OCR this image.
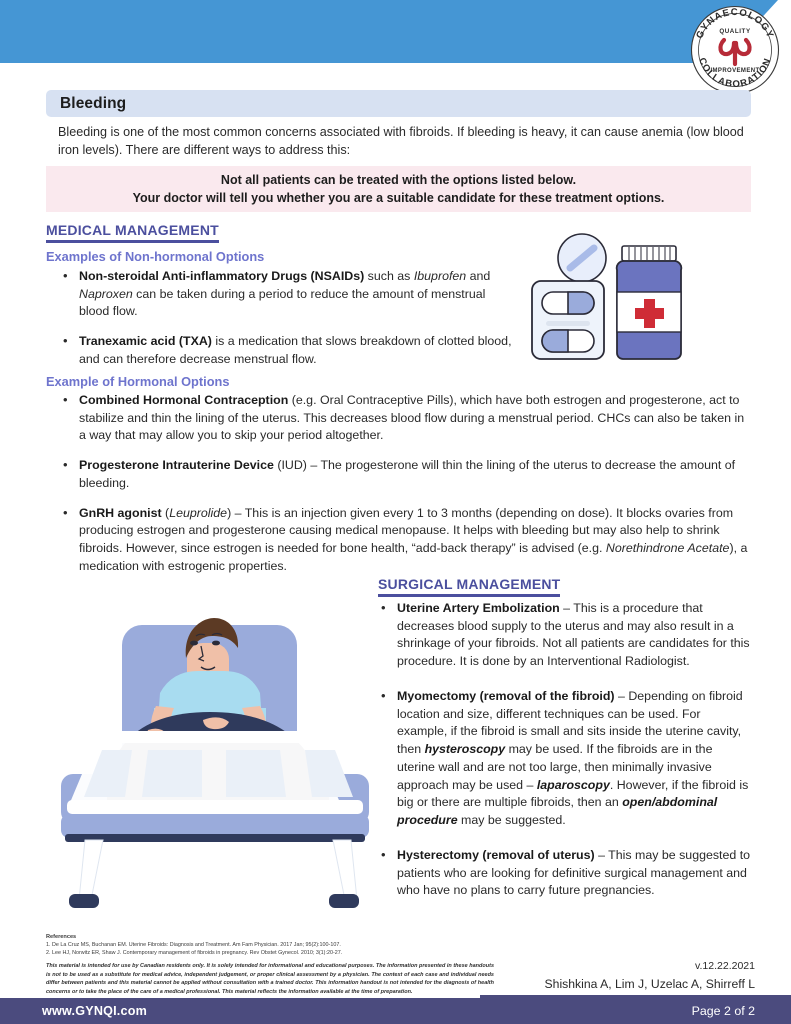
GYNAECOLOGY
COLLABORATION
QUALITY
IMPROVEMENT
Bleeding
Bleeding is one of the most common concerns associated with fibroids. If bleeding is heavy, it can cause anemia (low blood iron levels). There are different ways to address this:
Not all patients can be treated with the options listed below.
Your doctor will tell you whether you are a suitable candidate for these treatment options.
MEDICAL MANAGEMENT
Examples of Non-hormonal Options
• Non-steroidal Anti-inflammatory Drugs (NSAIDs) such as Ibuprofen and Naproxen can be taken during a period to reduce the amount of menstrual blood flow.
• Tranexamic acid (TXA) is a medication that slows breakdown of clotted blood, and can therefore decrease menstrual flow.
Example of Hormonal Options
• Combined Hormonal Contraception (e.g. Oral Contraceptive Pills), which have both estrogen and progesterone, act to stabilize and thin the lining of the uterus. This decreases blood flow during a menstrual period. CHCs can also be taken in a way that may allow you to skip your period altogether.
• Progesterone Intrauterine Device (IUD) – The progesterone will thin the lining of the uterus to decrease the amount of bleeding.
• GnRH agonist (Leuprolide) – This is an injection given every 1 to 3 months (depending on dose). It blocks ovaries from producing estrogen and progesterone causing medical menopause. It helps with bleeding but may also help to shrink fibroids. However, since estrogen is needed for bone health, “add-back therapy” is advised (e.g. Norethindrone Acetate), a medication with estrogenic properties.
SURGICAL MANAGEMENT
• Uterine Artery Embolization – This is a procedure that decreases blood supply to the uterus and may also result in a shrinkage of your fibroids. Not all patients are candidates for this procedure. It is done by an Interventional Radiologist.
• Myomectomy (removal of the fibroid) – Depending on fibroid location and size, different techniques can be used. For example, if the fibroid is small and sits inside the uterine cavity, then hysteroscopy may be used. If the fibroids are in the uterine wall and are not too large, then minimally invasive approach may be used – laparoscopy. However, if the fibroid is big or there are multiple fibroids, then an open/abdominal procedure may be suggested.
• Hysterectomy (removal of uterus) – This may be suggested to patients who are looking for definitive surgical management and who have no plans to carry future pregnancies.
References
1. De La Cruz MS, Buchanan EM. Uterine Fibroids: Diagnosis and Treatment. Am Fam Physician. 2017 Jan; 95(2):100-107.
2. Lee HJ, Norwitz ER, Shaw J. Contemporary management of fibroids in pregnancy. Rev Obstet Gynecol. 2010; 3(1):20-27.
This material is intended for use by Canadian residents only. It is solely intended for informational and educational purposes. The information presented in these handouts is not to be used as a substitute for medical advice, independent judgement, or proper clinical assessment by a physician. The context of each case and individual needs differ between patients and this material cannot be applied without consultation with a trained doctor. This information handout is not intended for the diagnosis of health concerns or to take the place of the care of a medical professional. This material reflects the information available at the time of preparation.
v.12.22.2021
Shishkina A, Lim J, Uzelac A, Shirreff L
www.GYNQI.com	Page 2 of 2
